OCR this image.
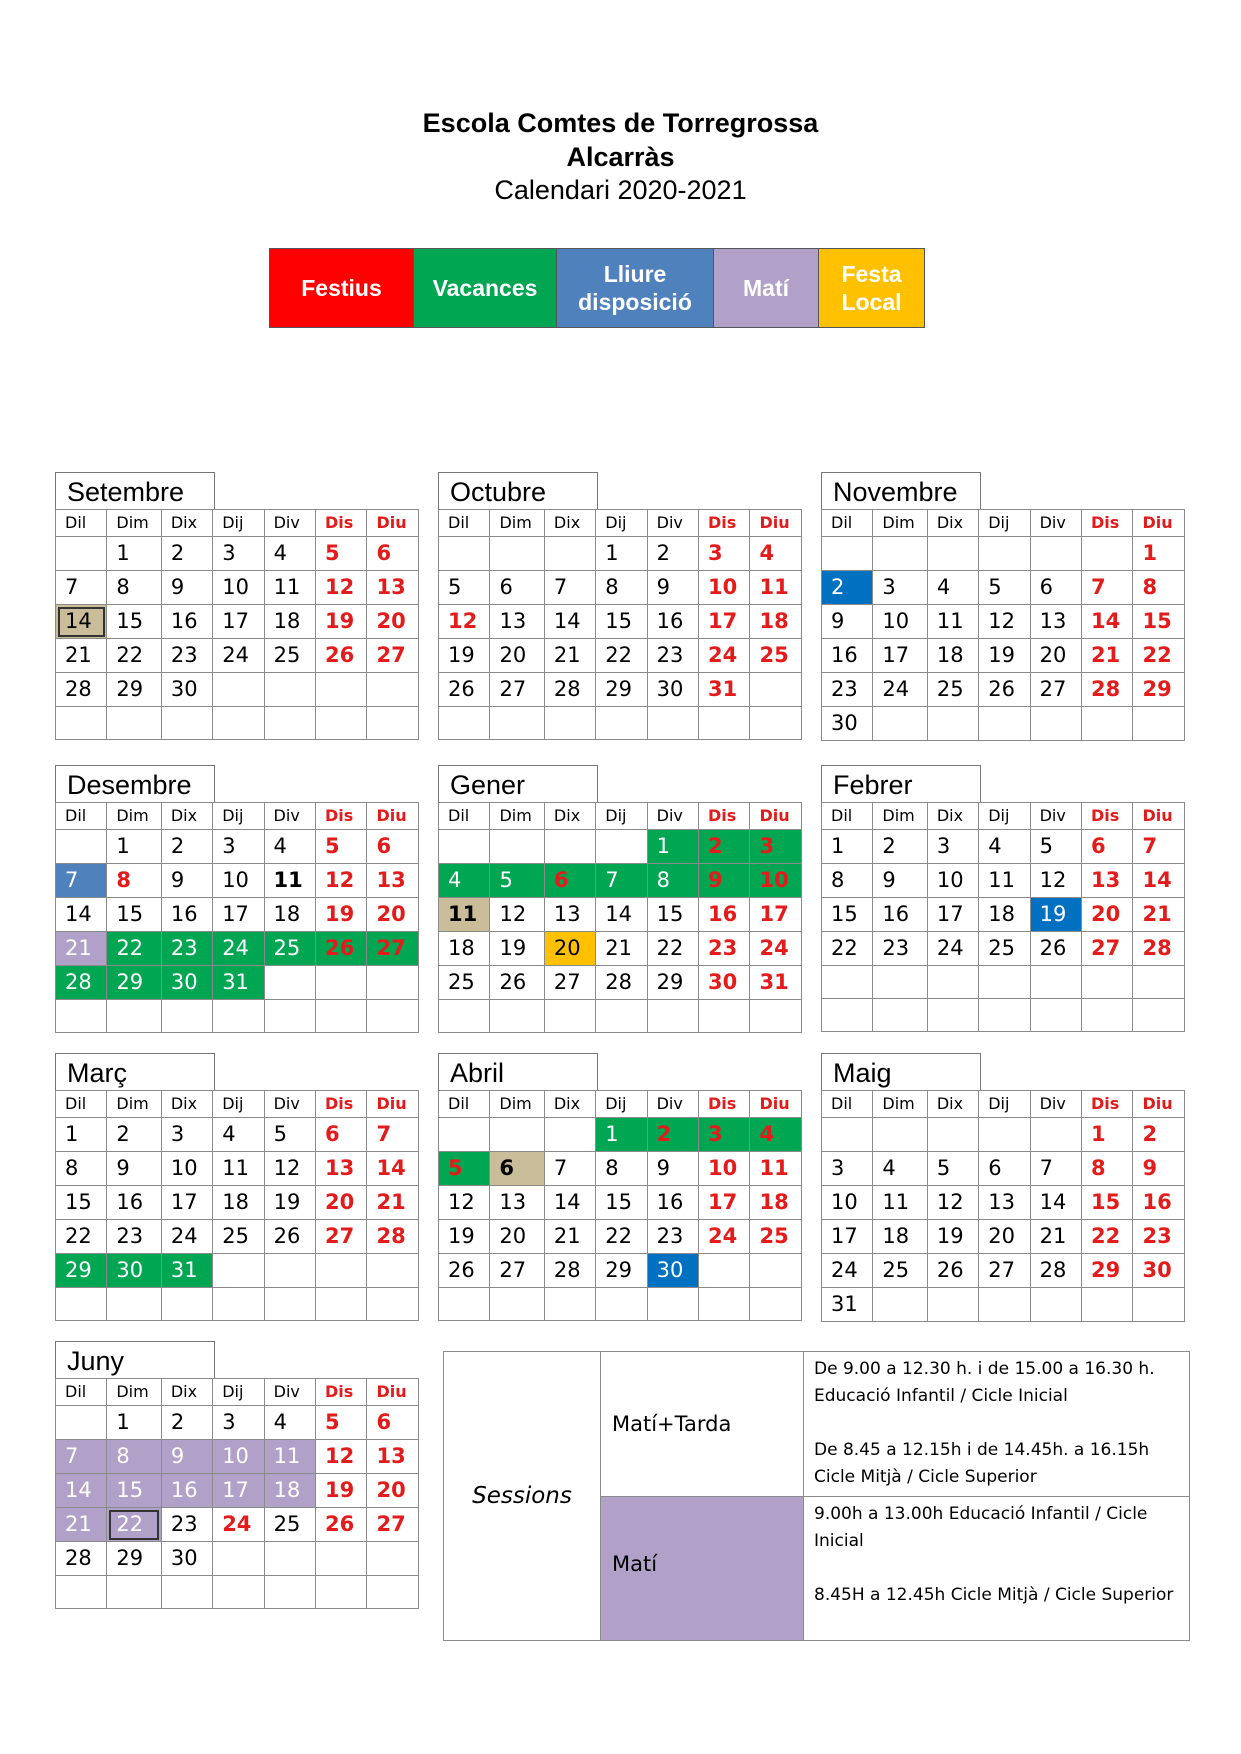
Escola Comtes de Torregrossa
Alcarràs
Calendari 2020-2021
Festius	Vacances
Lliure disposició
Matí
Festa Local
Setembre
Dil	Dim	Dix	Dij	Div	Dis	Diu
	1	2	3	4	5	6
7	8	9	10	11	12	13
14	15	16	17	18	19	20
21	22	23	24	25	26	27
28	29	30				

Octubre
Dil	Dim	Dix	Dij	Div	Dis	Diu
			1	2	3	4
5	6	7	8	9	10	11
12	13	14	15	16	17	18
19	20	21	22	23	24	25
26	27	28	29	30	31	

Novembre
Dil	Dim	Dix	Dij	Div	Dis	Diu
						1
2	3	4	5	6	7	8
9	10	11	12	13	14	15
16	17	18	19	20	21	22
23	24	25	26	27	28	29
30						
Desembre
Dil	Dim	Dix	Dij	Div	Dis	Diu
	1	2	3	4	5	6
7	8	9	10	11	12	13
14	15	16	17	18	19	20
21	22	23	24	25	26	27
28	29	30	31			

Gener
Dil	Dim	Dix	Dij	Div	Dis	Diu
				1	2	3
4	5	6	7	8	9	10
11	12	13	14	15	16	17
18	19	20	21	22	23	24
25	26	27	28	29	30	31

Febrer
Dil	Dim	Dix	Dij	Div	Dis	Diu
1	2	3	4	5	6	7
8	9	10	11	12	13	14
15	16	17	18	19	20	21
22	23	24	25	26	27	28

Març
Dil	Dim	Dix	Dij	Div	Dis	Diu
1	2	3	4	5	6	7
8	9	10	11	12	13	14
15	16	17	18	19	20	21
22	23	24	25	26	27	28
29	30	31				

Abril
Dil	Dim	Dix	Dij	Div	Dis	Diu
			1	2	3	4
5	6	7	8	9	10	11
12	13	14	15	16	17	18
19	20	21	22	23	24	25
26	27	28	29	30		

Maig
Dil	Dim	Dix	Dij	Div	Dis	Diu
					1	2
3	4	5	6	7	8	9
10	11	12	13	14	15	16
17	18	19	20	21	22	23
24	25	26	27	28	29	30
31						
Juny
Dil	Dim	Dix	Dij	Div	Dis	Diu
	1	2	3	4	5	6
7	8	9	10	11	12	13
14	15	16	17	18	19	20
21	22	23	24	25	26	27
28	29	30				

Sessions
Matí+Tarda

De 9.00 a 12.30 h. i de 15.00 a 16.30 h. Educació Infantil / Cicle Inicial

De 8.45 a 12.15h i de 14.45h. a 16.15h Cicle Mitjà / Cicle Superior

Matí

9.00h a 13.00h Educació Infantil / Cicle Inicial

8.45H a 12.45h Cicle Mitjà / Cicle Superior
